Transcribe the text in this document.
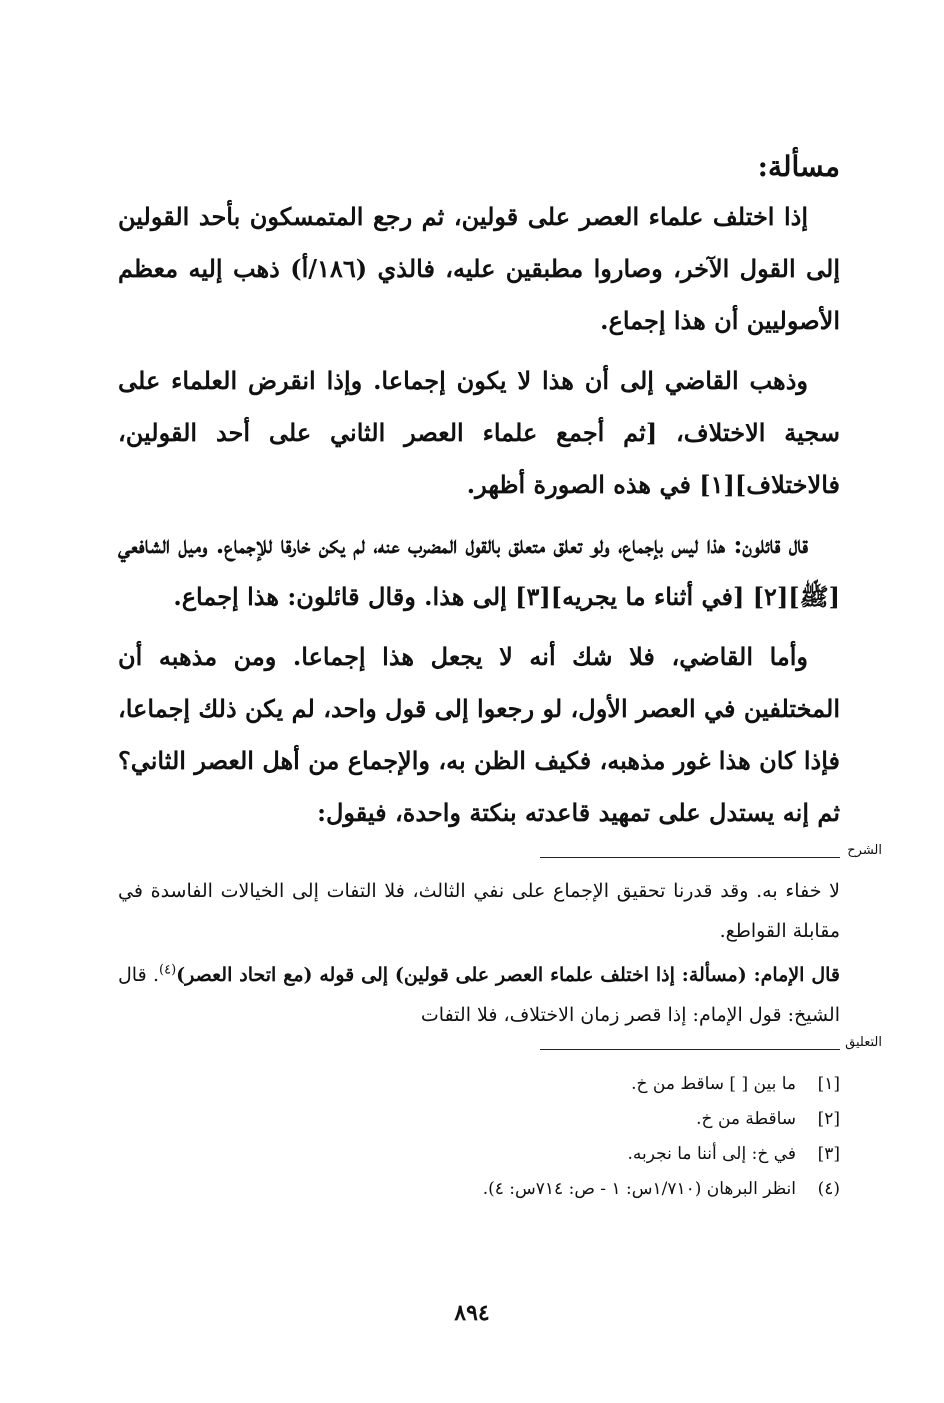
مسألة:

إذا اختلف علماء العصر على قولين، ثم رجع المتمسكون بأحد القولين إلى القول الآخر، وصاروا مطبقين عليه، فالذي (١٨٦/أ) ذهب إليه معظم الأصوليين أن هذا إجماع.

وذهب القاضي إلى أن هذا لا يكون إجماعا. وإذا انقرض العلماء على سجية الاختلاف، [ثم أجمع علماء العصر الثاني على أحد القولين، فالاختلاف][١] في هذه الصورة أظهر.

قال قائلون: هذا ليس بإجماع، ولو تعلق متعلق بالقول المضرب عنه، لم يكن خارقا للإجماع. وميل الشافعي [ﷺ][٢] [في أثناء ما يجريه][٣] إلى هذا. وقال قائلون: هذا إجماع.

وأما القاضي، فلا شك أنه لا يجعل هذا إجماعا. ومن مذهبه أن المختلفين في العصر الأول، لو رجعوا إلى قول واحد، لم يكن ذلك إجماعا، فإذا كان هذا غور مذهبه، فكيف الظن به، والإجماع من أهل العصر الثاني؟ ثم إنه يستدل على تمهيد قاعدته بنكتة واحدة، فيقول:

الشرح

لا خفاء به. وقد قدرنا تحقيق الإجماع على نفي الثالث، فلا التفات إلى الخيالات الفاسدة في مقابلة القواطع.

قال الإمام: (مسألة: إذا اختلف علماء العصر على قولين) إلى قوله (مع اتحاد العصر)$^{(٤)}$. قال الشيخ: قول الإمام: إذا قصر زمان الاختلاف، فلا التفات

التعليق
[١]
ما بين [ ] ساقط من خ.
[٢]
ساقطة من خ.
[٣]
في خ: إلى أننا ما نجربه.
(٤)
انظر البرهان (١/٧١٠س: ١ - ص: ٧١٤س: ٤).
٨٩٤
